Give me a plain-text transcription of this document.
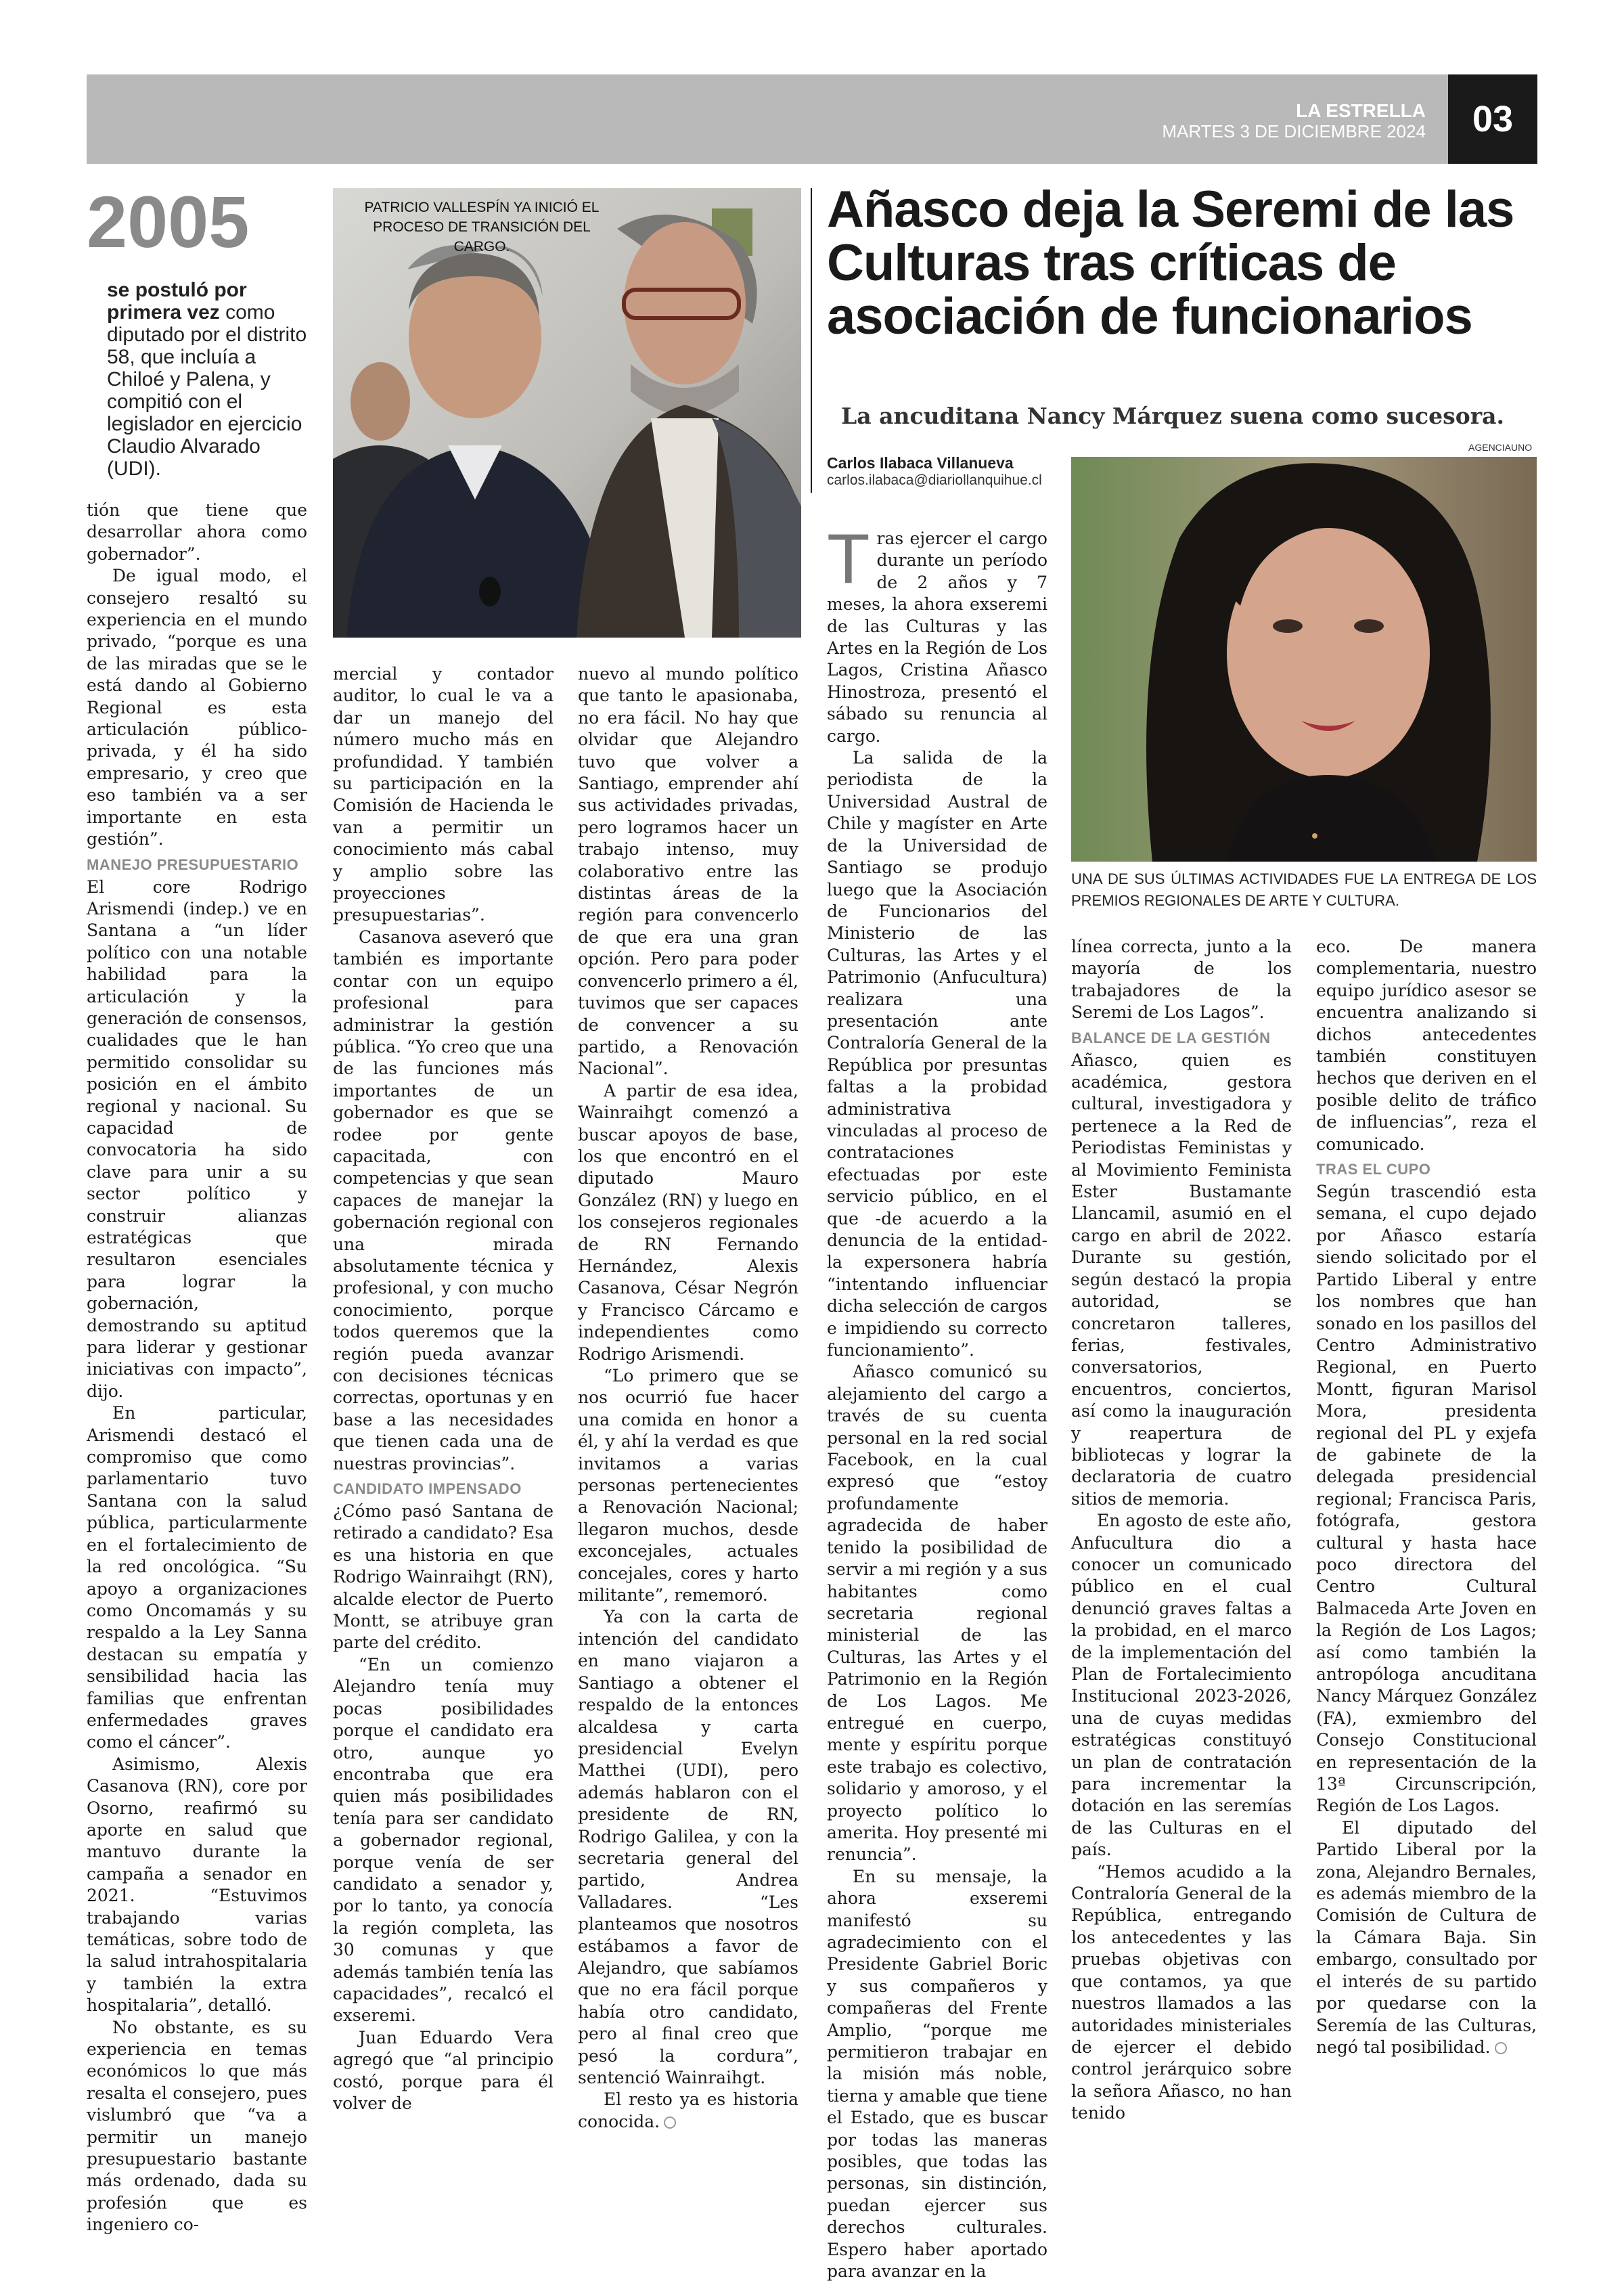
LA ESTRELLA
MARTES 3 DE DICIEMBRE 2024	03
2005
se postuló por primera vez como diputado por el distrito 58, que incluía a Chiloé y Palena, y compitió con el legislador en ejercicio Claudio Alvarado (UDI).
PATRICIO VALLESPÍN YA INICIÓ EL PROCESO DE TRANSICIÓN DEL CARGO.
Añasco deja la Seremi de las Culturas tras críticas de asociación de funcionarios
La ancuditana Nancy Márquez suena como sucesora.
Carlos Ilabaca Villanueva
carlos.ilabaca@diariollanquihue.cl
AGENCIAUNO
UNA DE SUS ÚLTIMAS ACTIVIDADES FUE LA ENTREGA DE LOS PREMIOS REGIONALES DE ARTE Y CULTURA.

tión que tiene que desarrollar ahora como gobernador”.

De igual modo, el consejero resaltó su experiencia en el mundo privado, “porque es una de las miradas que se le está dando al Gobierno Regional es esta articulación público-privada, y él ha sido empresario, y creo que eso también va a ser importante en esta gestión”.

MANEJO PRESUPUESTARIO

El core Rodrigo Arismendi (indep.) ve en Santana a “un líder político con una notable habilidad para la articulación y la generación de consensos, cualidades que le han permitido consolidar su posición en el ámbito regional y nacional. Su capacidad de convocatoria ha sido clave para unir a su sector político y construir alianzas estratégicas que resultaron esenciales para lograr la gobernación, demostrando su aptitud para liderar y gestionar iniciativas con impacto”, dijo.

En particular, Arismendi destacó el compromiso que como parlamentario tuvo Santana con la salud pública, particularmente en el fortalecimiento de la red oncológica. “Su apoyo a organizaciones como Oncomamás y su respaldo a la Ley Sanna destacan su empatía y sensibilidad hacia las familias que enfrentan enfermedades graves como el cáncer”.

Asimismo, Alexis Casanova (RN), core por Osorno, reafirmó su aporte en salud que mantuvo durante la campaña a senador en 2021. “Estuvimos trabajando varias temáticas, sobre todo de la salud intrahospitalaria y también la extra hospitalaria”, detalló.

No obstante, es su experiencia en temas económicos lo que más resalta el consejero, pues vislumbró que “va a permitir un manejo presupuestario bastante más ordenado, dada su profesión que es ingeniero co-

mercial y contador auditor, lo cual le va a dar un manejo del número mucho más en profundidad. Y también su participación en la Comisión de Hacienda le van a permitir un conocimiento más cabal y amplio sobre las proyecciones presupuestarias”.

Casanova aseveró que también es importante contar con un equipo profesional para administrar la gestión pública. “Yo creo que una de las funciones más importantes de un gobernador es que se rodee por gente capacitada, con competencias y que sean capaces de manejar la gobernación regional con una mirada absolutamente técnica y profesional, y con mucho conocimiento, porque todos queremos que la región pueda avanzar con decisiones técnicas correctas, oportunas y en base a las necesidades que tienen cada una de nuestras provincias”.

CANDIDATO IMPENSADO

¿Cómo pasó Santana de retirado a candidato? Esa es una historia en que Rodrigo Wainraihgt (RN), alcalde elector de Puerto Montt, se atribuye gran parte del crédito.

“En un comienzo Alejandro tenía muy pocas posibilidades porque el candidato era otro, aunque yo encontraba que era quien más posibilidades tenía para ser candidato a gobernador regional, porque venía de ser candidato a senador y, por lo tanto, ya conocía la región completa, las 30 comunas y que además también tenía las capacidades”, recalcó el exseremi.

Juan Eduardo Vera agregó que “al principio costó, porque para él volver de

nuevo al mundo político que tanto le apasionaba, no era fácil. No hay que olvidar que Alejandro tuvo que volver a Santiago, emprender ahí sus actividades privadas, pero logramos hacer un trabajo intenso, muy colaborativo entre las distintas áreas de la región para convencerlo de que era una gran opción. Pero para poder convencerlo primero a él, tuvimos que ser capaces de convencer a su partido, a Renovación Nacional”.

A partir de esa idea, Wainraihgt comenzó a buscar apoyos de base, los que encontró en el diputado Mauro González (RN) y luego en los consejeros regionales de RN Fernando Hernández, Alexis Casanova, César Negrón y Francisco Cárcamo e independientes como Rodrigo Arismendi.

“Lo primero que se nos ocurrió fue hacer una comida en honor a él, y ahí la verdad es que invitamos a varias personas pertenecientes a Renovación Nacional; llegaron muchos, desde exconcejales, actuales concejales, cores y harto militante”, rememoró.

Ya con la carta de intención del candidato en mano viajaron a Santiago a obtener el respaldo de la entonces alcaldesa y carta presidencial Evelyn Matthei (UDI), pero además hablaron con el presidente de RN, Rodrigo Galilea, y con la secretaria general del partido, Andrea Valladares. “Les planteamos que nosotros estábamos a favor de Alejandro, que sabíamos que no era fácil porque había otro candidato, pero al final creo que pesó la cordura”, sentenció Wainraihgt.

El resto ya es historia conocida.

Tras ejercer el cargo durante un período de 2 años y 7 meses, la ahora exseremi de las Culturas y las Artes en la Región de Los Lagos, Cristina Añasco Hinostroza, presentó el sábado su renuncia al cargo.

La salida de la periodista de la Universidad Austral de Chile y magíster en Arte de la Universidad de Santiago se produjo luego que la Asociación de Funcionarios del Ministerio de las Culturas, las Artes y el Patrimonio (Anfucultura) realizara una presentación ante Contraloría General de la República por presuntas faltas a la probidad administrativa vinculadas al proceso de contrataciones efectuadas por este servicio público, en el que -de acuerdo a la denuncia de la entidad- la expersonera habría “intentando influenciar dicha selección de cargos e impidiendo su correcto funcionamiento”.

Añasco comunicó su alejamiento del cargo a través de su cuenta personal en la red social Facebook, en la cual expresó que “estoy profundamente agradecida de haber tenido la posibilidad de servir a mi región y a sus habitantes como secretaria regional ministerial de las Culturas, las Artes y el Patrimonio en la Región de Los Lagos. Me entregué en cuerpo, mente y espíritu porque este trabajo es colectivo, solidario y amoroso, y el proyecto político lo amerita. Hoy presenté mi renuncia”.

En su mensaje, la ahora exseremi manifestó su agradecimiento con el Presidente Gabriel Boric y sus compañeros y compañeras del Frente Amplio, “porque me permitieron trabajar en la misión más noble, tierna y amable que tiene el Estado, que es buscar por todas las maneras posibles, que todas las personas, sin distinción, puedan ejercer sus derechos culturales. Espero haber aportado para avanzar en la

línea correcta, junto a la mayoría de los trabajadores de la Seremi de Los Lagos”.

BALANCE DE LA GESTIÓN

Añasco, quien es académica, gestora cultural, investigadora y pertenece a la Red de Periodistas Feministas y al Movimiento Feminista Ester Bustamante Llancamil, asumió en el cargo en abril de 2022. Durante su gestión, según destacó la propia autoridad, se concretaron talleres, ferias, festivales, conversatorios, encuentros, conciertos, así como la inauguración y reapertura de bibliotecas y lograr la declaratoria de cuatro sitios de memoria.

En agosto de este año, Anfucultura dio a conocer un comunicado público en el cual denunció graves faltas a la probidad, en el marco de la implementación del Plan de Fortalecimiento Institucional 2023-2026, una de cuyas medidas estratégicas constituyó un plan de contratación para incrementar la dotación en las seremías de las Culturas en el país.

“Hemos acudido a la Contraloría General de la República, entregando los antecedentes y las pruebas objetivas con que contamos, ya que nuestros llamados a las autoridades ministeriales de ejercer el debido control jerárquico sobre la señora Añasco, no han tenido

eco. De manera complementaria, nuestro equipo jurídico asesor se encuentra analizando si dichos antecedentes también constituyen hechos que deriven en el posible delito de tráfico de influencias”, reza el comunicado.

TRAS EL CUPO

Según trascendió esta semana, el cupo dejado por Añasco estaría siendo solicitado por el Partido Liberal y entre los nombres que han sonado en los pasillos del Centro Administrativo Regional, en Puerto Montt, figuran Marisol Mora, presidenta regional del PL y exjefa de gabinete de la delegada presidencial regional; Francisca Paris, fotógrafa, gestora cultural y hasta hace poco directora del Centro Cultural Balmaceda Arte Joven en la Región de Los Lagos; así como también la antropóloga ancuditana Nancy Márquez González (FA), exmiembro del Consejo Constitucional en representación de la 13ª Circunscripción, Región de Los Lagos.

El diputado del Partido Liberal por la zona, Alejandro Bernales, es además miembro de la Comisión de Cultura de la Cámara Baja. Sin embargo, consultado por el interés de su partido por quedarse con la Seremía de las Culturas, negó tal posibilidad.
